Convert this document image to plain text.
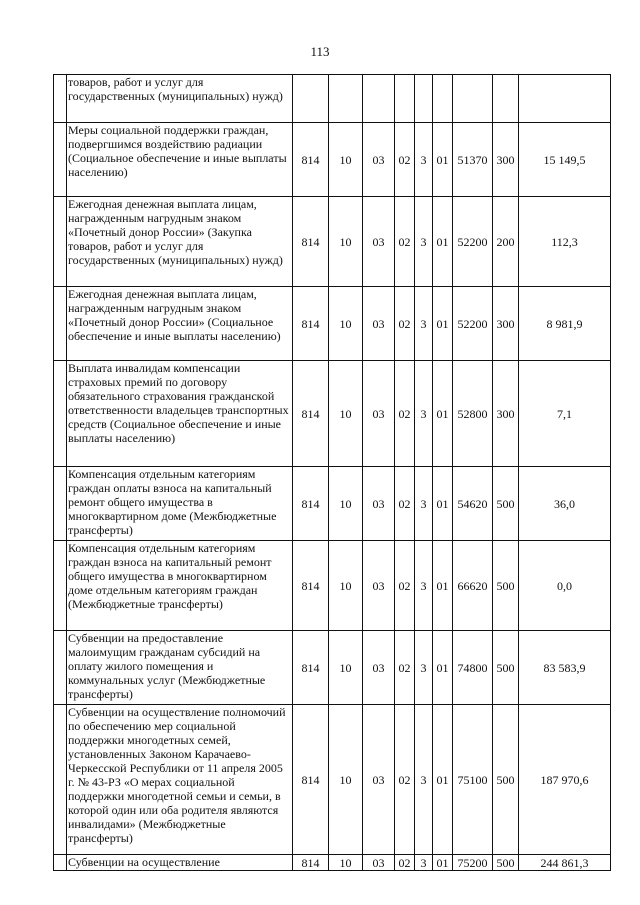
113
	товаров, работ и услуг для государственных (муниципальных) нужд)									
	Меры социальной поддержки граждан, подвергшимся воздействию радиации (Социальное обеспечение и иные выплаты населению)	814	10	03	02	3	01	51370	300	15 149,5
	Ежегодная денежная выплата лицам, награжденным нагрудным знаком «Почетный донор России» (Закупка товаров, работ и услуг для государственных (муниципальных) нужд)	814	10	03	02	3	01	52200	200	112,3
	Ежегодная денежная выплата лицам, награжденным нагрудным знаком «Почетный донор России» (Социальное обеспечение и иные выплаты населению)	814	10	03	02	3	01	52200	300	8 981,9
	Выплата инвалидам компенсации страховых премий по договору обязательного страхования гражданской ответственности владельцев транспортных средств (Социальное обеспечение и иные выплаты населению)	814	10	03	02	3	01	52800	300	7,1
	Компенсация отдельным категориям граждан оплаты взноса на капитальный ремонт общего имущества в многоквартирном доме (Межбюджетные трансферты)	814	10	03	02	3	01	54620	500	36,0
	Компенсация отдельным категориям граждан взноса на капитальный ремонт общего имущества в многоквартирном доме отдельным категориям граждан (Межбюджетные трансферты)	814	10	03	02	3	01	66620	500	0,0
	Субвенции на предоставление малоимущим гражданам субсидий на оплату жилого помещения и коммунальных услуг (Межбюджетные трансферты)	814	10	03	02	3	01	74800	500	83 583,9
	Субвенции на осуществление полномочий по обеспечению мер социальной поддержки многодетных семей, установленных Законом Карачаево-Черкесской Республики от 11 апреля 2005 г. № 43-РЗ «О мерах социальной поддержки многодетной семьи и семьи, в которой один или оба родителя являются инвалидами» (Межбюджетные трансферты)	814	10	03	02	3	01	75100	500	187 970,6
	Субвенции на осуществление	814	10	03	02	3	01	75200	500	244 861,3
